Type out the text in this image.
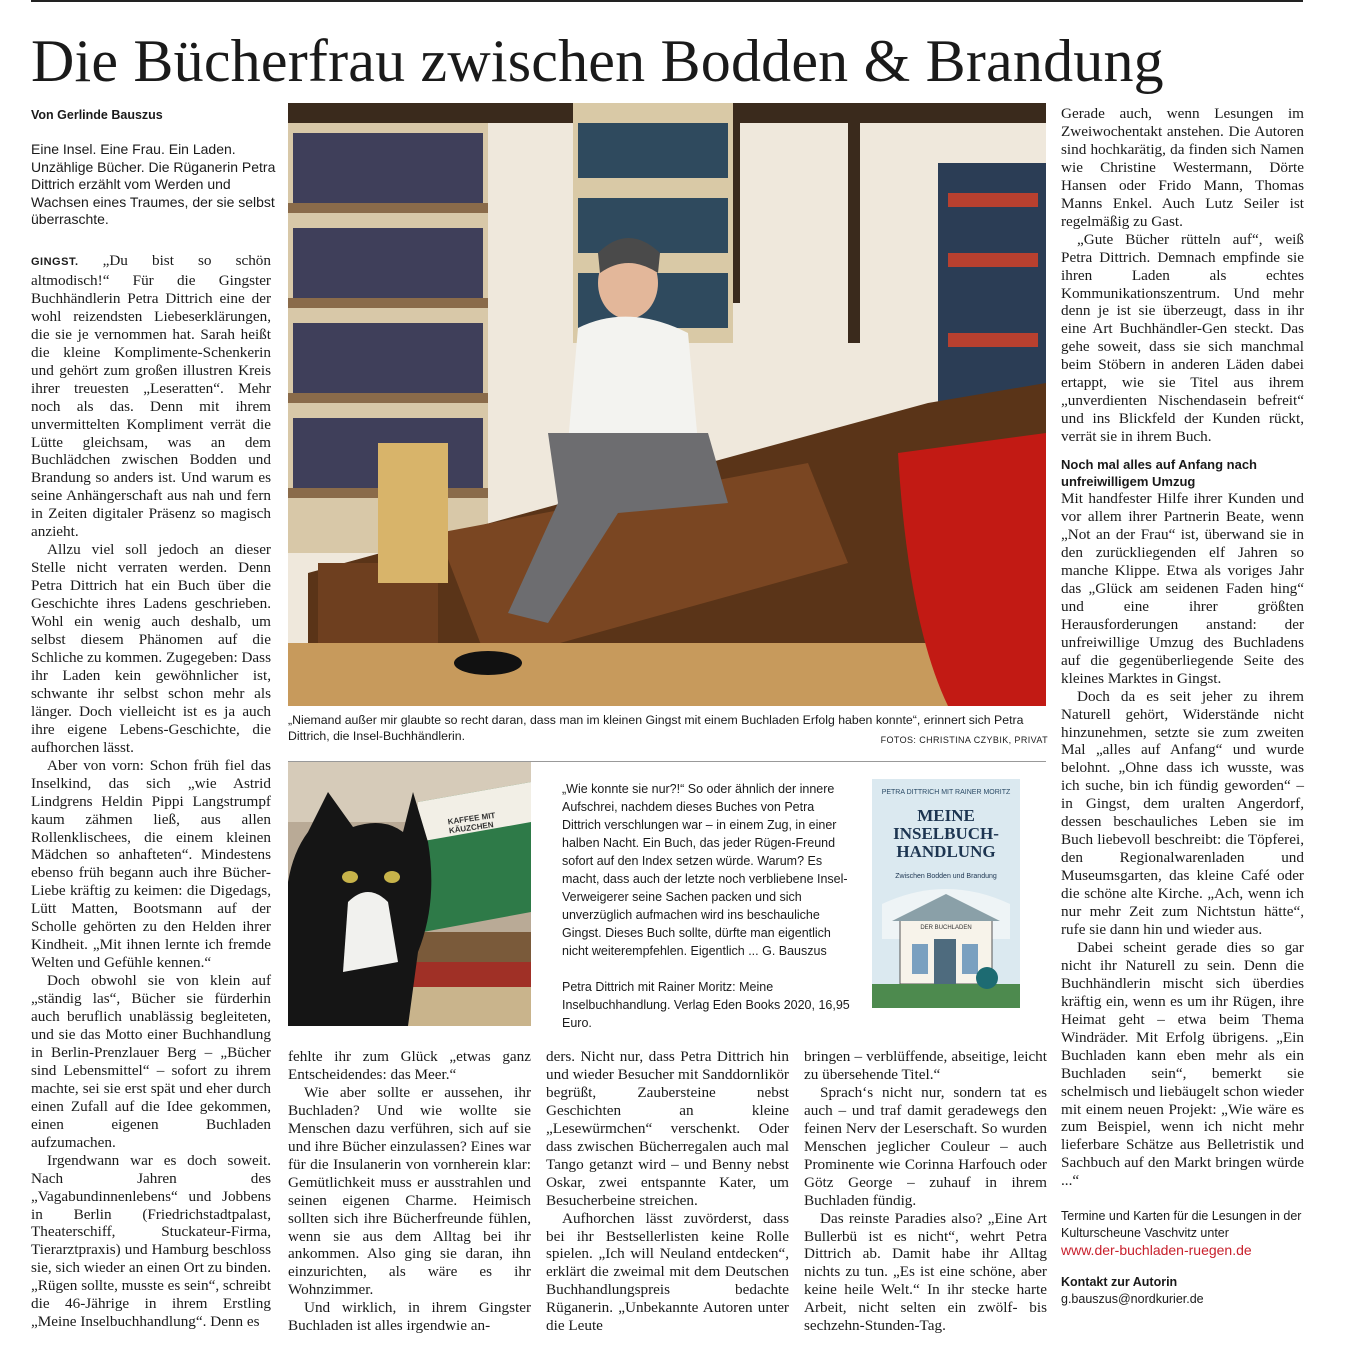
Die Bücherfrau zwischen Bodden & Brandung
Von Gerlinde Bauszus
Eine Insel. Eine Frau. Ein Laden. Unzählige Bücher. Die Rüganerin Petra Dittrich erzählt vom Werden und Wachsen eines Traumes, der sie selbst überraschte.

GINGST. „Du bist so schön altmodisch!“ Für die Gingster Buchhändlerin Petra Dittrich eine der wohl reizendsten Liebeserklärungen, die sie je vernommen hat. Sarah heißt die kleine Komplimente-Schenkerin und gehört zum großen illustren Kreis ihrer treuesten „Leseratten“. Mehr noch als das. Denn mit ihrem unvermittelten Kompliment verrät die Lütte gleichsam, was an dem Buchlädchen zwischen Bodden und Brandung so anders ist. Und warum es seine Anhängerschaft aus nah und fern in Zeiten digitaler Präsenz so magisch anzieht.

Allzu viel soll jedoch an dieser Stelle nicht verraten werden. Denn Petra Dittrich hat ein Buch über die Geschichte ihres Ladens geschrieben. Wohl ein wenig auch deshalb, um selbst diesem Phänomen auf die Schliche zu kommen. Zugegeben: Dass ihr Laden kein gewöhnlicher ist, schwante ihr selbst schon mehr als länger. Doch vielleicht ist es ja auch ihre eigene Lebens-Geschichte, die aufhorchen lässt.

Aber von vorn: Schon früh fiel das Inselkind, das sich „wie Astrid Lindgrens Heldin Pippi Langstrumpf kaum zähmen ließ, aus allen Rollenklischees, die einem kleinen Mädchen so anhafteten“. Mindestens ebenso früh begann auch ihre Bücher-Liebe kräftig zu keimen: die Digedags, Lütt Matten, Bootsmann auf der Scholle gehörten zu den Helden ihrer Kindheit. „Mit ihnen lernte ich fremde Welten und Gefühle kennen.“

Doch obwohl sie von klein auf „ständig las“, Bücher sie fürderhin auch beruflich unablässig begleiteten, und sie das Motto einer Buchhandlung in Berlin-Prenzlauer Berg – „Bücher sind Lebensmittel“ – sofort zu ihrem machte, sei sie erst spät und eher durch einen Zufall auf die Idee gekommen, einen eigenen Buchladen aufzumachen.

Irgendwann war es doch soweit. Nach Jahren des „Vagabundinnenlebens“ und Jobbens in Berlin (Friedrichstadtpalast, Theaterschiff, Stuckateur-Firma, Tierarztpraxis) und Hamburg beschloss sie, sich wieder an einen Ort zu binden. „Rügen sollte, musste es sein“, schreibt die 46-Jährige in ihrem Erstling „Meine Inselbuchhandlung“. Denn es

„Niemand außer mir glaubte so recht daran, dass man im kleinen Gingst mit einem Buchladen Erfolg haben konnte“, erinnert sich Petra Dittrich, die Insel-Buchhändlerin.	FOTOS: CHRISTINA CZYBIK, PRIVAT
KAFFEE MIT KÄUZCHEN

„Wie konnte sie nur?!“ So oder ähnlich der innere Aufschrei, nachdem dieses Buches von Petra Dittrich verschlungen war – in einem Zug, in einer halben Nacht. Ein Buch, das jeder Rügen-Freund sofort auf den Index setzen würde. Warum? Es macht, dass auch der letzte noch verbliebene Insel-Verweigerer seine Sachen packen und sich unverzüglich aufmachen wird ins beschauliche Gingst. Dieses Buch sollte, dürfte man eigentlich nicht weiterempfehlen. Eigentlich ... G. Bauszus

Petra Dittrich mit Rainer Moritz: Meine Inselbuchhandlung. Verlag Eden Books 2020, 16,95 Euro.

PETRA DITTRICH MIT RAINER MORITZ
MEINE INSELBUCH-HANDLUNG
Zwischen Bodden und Brandung
DER BUCHLADEN

fehlte ihr zum Glück „etwas ganz Entscheidendes: das Meer.“

Wie aber sollte er aussehen, ihr Buchladen? Und wie wollte sie Menschen dazu verführen, sich auf sie und ihre Bücher einzulassen? Eines war für die Insulanerin von vornherein klar: Gemütlichkeit muss er ausstrahlen und seinen eigenen Charme. Heimisch sollten sich ihre Bücherfreunde fühlen, wenn sie aus dem Alltag bei ihr ankommen. Also ging sie daran, ihn einzurichten, als wäre es ihr Wohnzimmer.

Und wirklich, in ihrem Gingster Buchladen ist alles irgendwie an-

ders. Nicht nur, dass Petra Dittrich hin und wieder Besucher mit Sanddornlikör begrüßt, Zaubersteine nebst Geschichten an kleine „Lesewürmchen“ verschenkt. Oder dass zwischen Bücherregalen auch mal Tango getanzt wird – und Benny nebst Oskar, zwei entspannte Kater, um Besucherbeine streichen.

Aufhorchen lässt zuvörderst, dass bei ihr Bestsellerlisten keine Rolle spielen. „Ich will Neuland entdecken“, erklärt die zweimal mit dem Deutschen Buchhandlungspreis bedachte Rüganerin. „Unbekannte Autoren unter die Leute

bringen – verblüffende, abseitige, leicht zu übersehende Titel.“

Sprach‘s nicht nur, sondern tat es auch – und traf damit geradewegs den feinen Nerv der Leserschaft. So wurden Menschen jeglicher Couleur – auch Prominente wie Corinna Harfouch oder Götz George – zuhauf in ihrem Buchladen fündig.

Das reinste Paradies also? „Eine Art Bullerbü ist es nicht“, wehrt Petra Dittrich ab. Damit habe ihr Alltag nichts zu tun. „Es ist eine schöne, aber keine heile Welt.“ In ihr stecke harte Arbeit, nicht selten ein zwölf- bis sechzehn-Stunden-Tag.

Gerade auch, wenn Lesungen im Zweiwochentakt anstehen. Die Autoren sind hochkarätig, da finden sich Namen wie Christine Westermann, Dörte Hansen oder Frido Mann, Thomas Manns Enkel. Auch Lutz Seiler ist regelmäßig zu Gast.

„Gute Bücher rütteln auf“, weiß Petra Dittrich. Demnach empfinde sie ihren Laden als echtes Kommunikationszentrum. Und mehr denn je ist sie überzeugt, dass in ihr eine Art Buchhändler-Gen steckt. Das gehe soweit, dass sie sich manchmal beim Stöbern in anderen Läden dabei ertappt, wie sie Titel aus ihrem „unverdienten Nischendasein befreit“ und ins Blickfeld der Kunden rückt, verrät sie in ihrem Buch.

Noch mal alles auf Anfang nach unfreiwilligem Umzug

Mit handfester Hilfe ihrer Kunden und vor allem ihrer Partnerin Beate, wenn „Not an der Frau“ ist, überwand sie in den zurückliegenden elf Jahren so manche Klippe. Etwa als voriges Jahr das „Glück am seidenen Faden hing“ und eine ihrer größten Herausforderungen anstand: der unfreiwillige Umzug des Buchladens auf die gegenüberliegende Seite des kleines Marktes in Gingst.

Doch da es seit jeher zu ihrem Naturell gehört, Widerstände nicht hinzunehmen, setzte sie zum zweiten Mal „alles auf Anfang“ und wurde belohnt. „Ohne dass ich wusste, was ich suche, bin ich fündig geworden“ – in Gingst, dem uralten Angerdorf, dessen beschauliches Leben sie im Buch liebevoll beschreibt: die Töpferei, den Regionalwarenladen und Museumsgarten, das kleine Café oder die schöne alte Kirche. „Ach, wenn ich nur mehr Zeit zum Nichtstun hätte“, rufe sie dann hin und wieder aus.

Dabei scheint gerade dies so gar nicht ihr Naturell zu sein. Denn die Buchhändlerin mischt sich überdies kräftig ein, wenn es um ihr Rügen, ihre Heimat geht – etwa beim Thema Windräder. Mit Erfolg übrigens. „Ein Buchladen kann eben mehr als ein Buchladen sein“, bemerkt sie schelmisch und liebäugelt schon wieder mit einem neuen Projekt: „Wie wäre es zum Beispiel, wenn ich nicht mehr lieferbare Schätze aus Belletristik und Sachbuch auf den Markt bringen würde ...“

Termine und Karten für die Lesungen in der Kulturscheune Vaschvitz unter
www.der-buchladen-ruegen.de
Kontakt zur Autorin
g.bauszus@nordkurier.de
